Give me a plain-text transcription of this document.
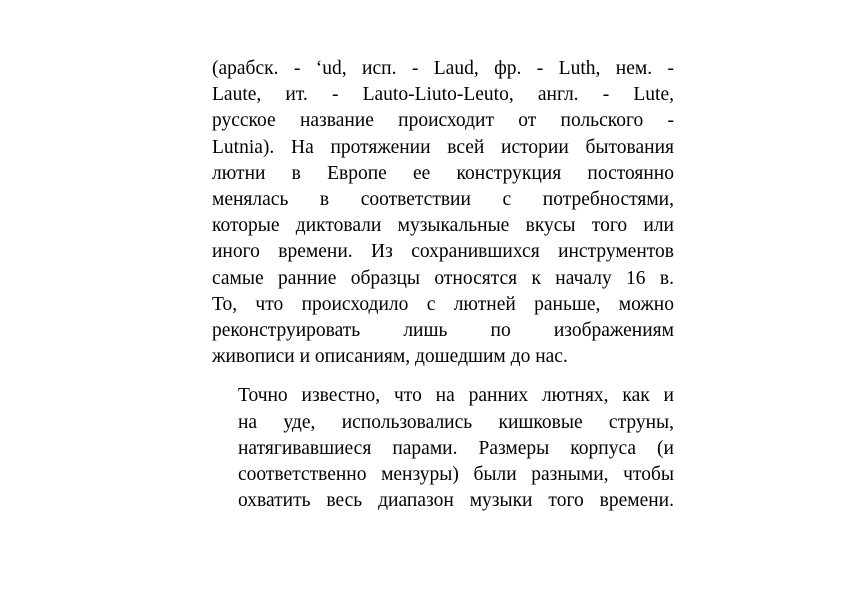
(арабск. - ‘ud, исп. - Laud, фр. - Luth, нем. -
Laute, ит. - Lauto-Liuto-Leuto, англ. - Lute,
русское название происходит от польского -
Lutnia). На протяжении всей истории бытования
лютни в Европе ее конструкция постоянно
менялась в соответствии с потребностями,
которые диктовали музыкальные вкусы того или
иного времени. Из сохранившихся инструментов
самые ранние образцы относятся к началу 16 в.
То, что происходило с лютней раньше, можно
реконструировать лишь по изображениям
живописи и описаниям, дошедшим до нас.
Точно известно, что на ранних лютнях, как и
на уде, использовались кишковые струны,
натягивавшиеся парами. Размеры корпуса (и
соответственно мензуры) были разными, чтобы
охватить весь диапазон музыки того времени.
